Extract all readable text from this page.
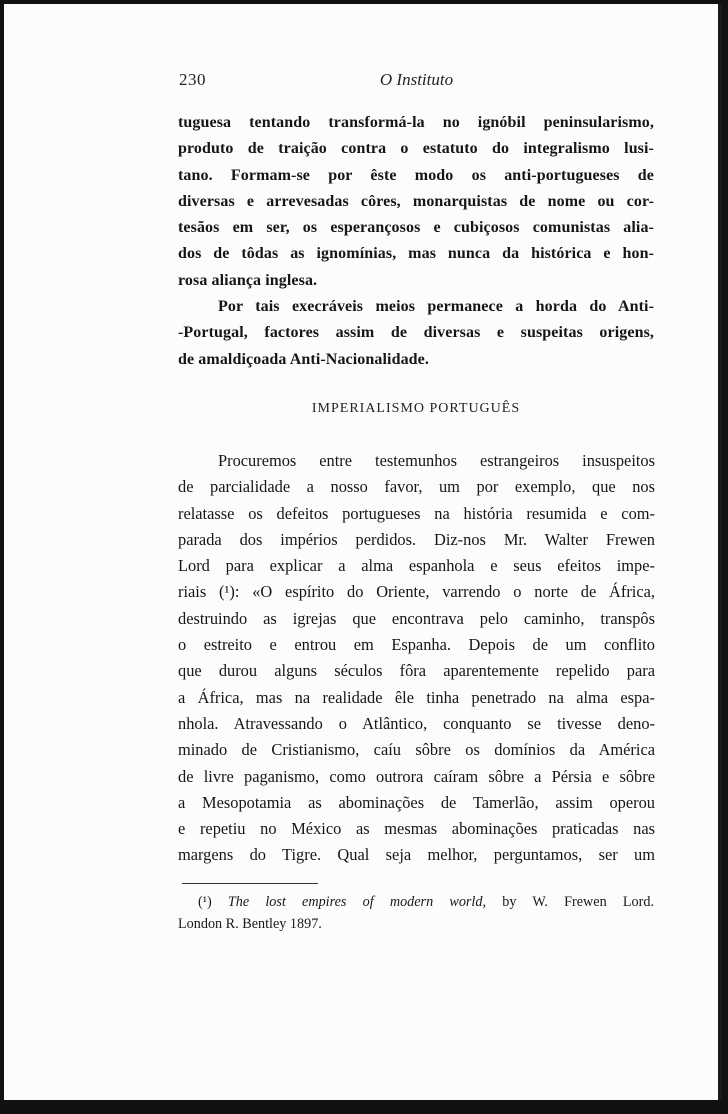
230	O Instituto
tuguesa tentando transformá-la no ignóbil peninsularismo,
produto de traição contra o estatuto do integralismo lusi-
tano. Formam-se por êste modo os anti-portugueses de
diversas e arrevesadas côres, monarquistas de nome ou cor-
tesãos em ser, os esperançosos e cubiçosos comunistas alia-
dos de tôdas as ignomínias, mas nunca da histórica e hon-
rosa aliança inglesa.
Por tais execráveis meios permanece a horda do Anti-
-Portugal, factores assim de diversas e suspeitas origens,
de amaldiçoada Anti-Nacionalidade.
IMPERIALISMO PORTUGUÊS
Procuremos entre testemunhos estrangeiros insuspeitos
de parcialidade a nosso favor, um por exemplo, que nos
relatasse os defeitos portugueses na história resumida e com-
parada dos impérios perdidos. Diz-nos Mr. Walter Frewen
Lord para explicar a alma espanhola e seus efeitos impe-
riais (¹): «O espírito do Oriente, varrendo o norte de África,
destruindo as igrejas que encontrava pelo caminho, transpôs
o estreito e entrou em Espanha. Depois de um conflito
que durou alguns séculos fôra aparentemente repelido para
a África, mas na realidade êle tinha penetrado na alma espa-
nhola. Atravessando o Atlântico, conquanto se tivesse deno-
minado de Cristianismo, caíu sôbre os domínios da América
de livre paganismo, como outrora caíram sôbre a Pérsia e sôbre
a Mesopotamia as abominações de Tamerlão, assim operou
e repetiu no México as mesmas abominações praticadas nas
margens do Tigre. Qual seja melhor, perguntamos, ser um
(¹) The lost empires of modern world, by W. Frewen Lord.
London R. Bentley 1897.
